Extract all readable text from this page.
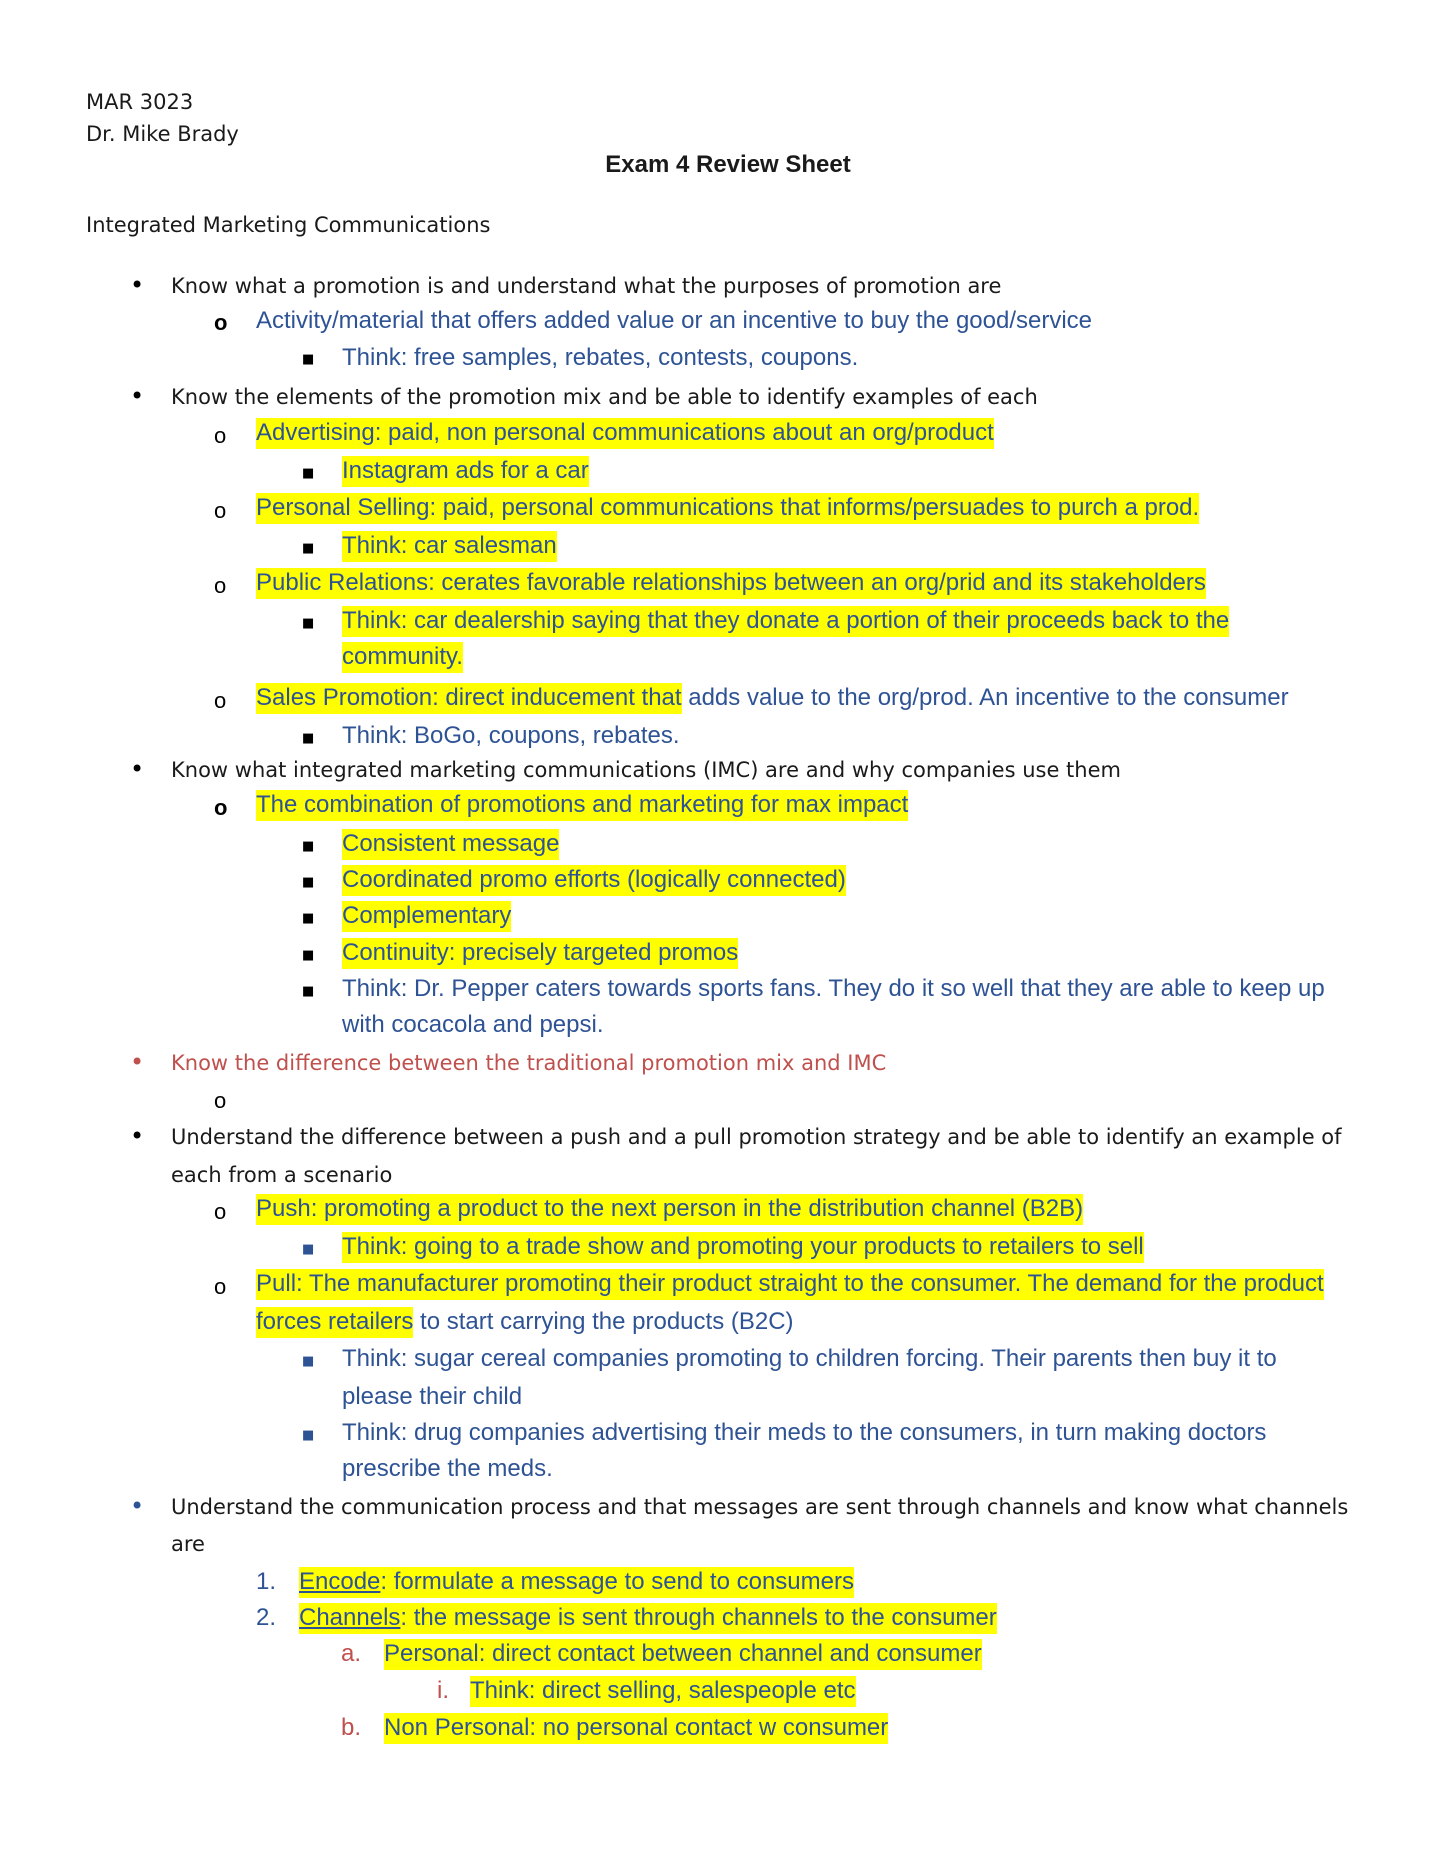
MAR 3023
Dr. Mike Brady
Exam 4 Review Sheet
Integrated Marketing Communications
• Know what a promotion is and understand what the purposes of promotion are
o Activity/material that offers added value or an incentive to buy the good/service
■ Think: free samples, rebates, contests, coupons.
• Know the elements of the promotion mix and be able to identify examples of each
o Advertising: paid, non personal communications about an org/product
■ Instagram ads for a car
o Personal Selling: paid, personal communications that informs/persuades to purch a prod.
■ Think: car salesman
o Public Relations: cerates favorable relationships between an org/prid and its stakeholders
■ Think: car dealership saying that they donate a portion of their proceeds back to the
community.
o Sales Promotion: direct inducement that adds value to the org/prod. An incentive to the consumer
■ Think: BoGo, coupons, rebates.
• Know what integrated marketing communications (IMC) are and why companies use them
o The combination of promotions and marketing for max impact
■ Consistent message
■ Coordinated promo efforts (logically connected)
■ Complementary
■ Continuity: precisely targeted promos
■ Think: Dr. Pepper caters towards sports fans. They do it so well that they are able to keep up
with cocacola and pepsi.
• Know the difference between the traditional promotion mix and IMC
o
• Understand the difference between a push and a pull promotion strategy and be able to identify an example of
each from a scenario
o Push: promoting a product to the next person in the distribution channel (B2B)
■ Think: going to a trade show and promoting your products to retailers to sell
o Pull: The manufacturer promoting their product straight to the consumer. The demand for the product
forces retailers to start carrying the products (B2C)
■ Think: sugar cereal companies promoting to children forcing. Their parents then buy it to
please their child
■ Think: drug companies advertising their meds to the consumers, in turn making doctors
prescribe the meds.
• Understand the communication process and that messages are sent through channels and know what channels
are
1. Encode: formulate a message to send to consumers
2. Channels: the message is sent through channels to the consumer
a. Personal: direct contact between channel and consumer
i. Think: direct selling, salespeople etc
b. Non Personal: no personal contact w consumer
